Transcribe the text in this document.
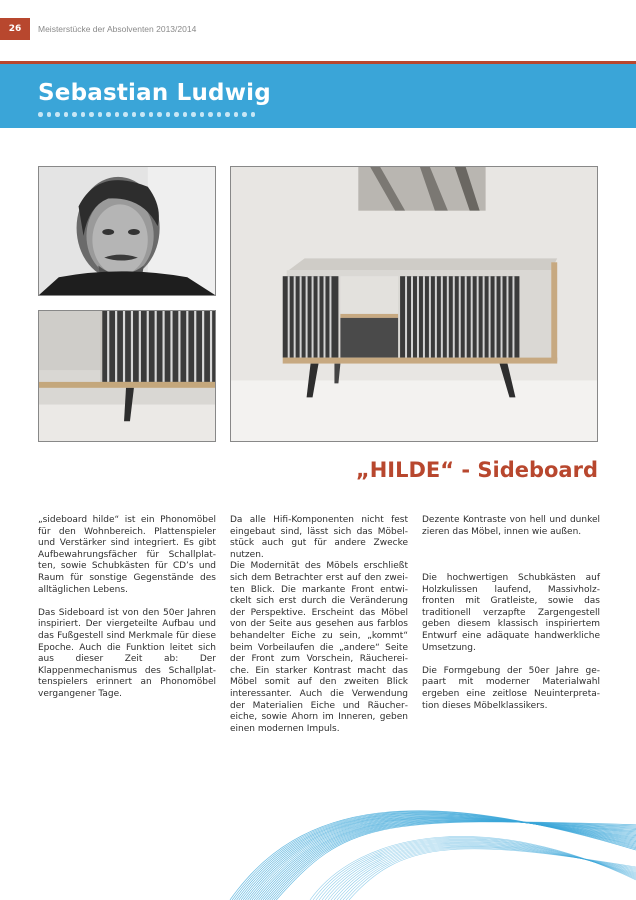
26	Meisterstücke der Absolventen 2013/2014
Sebastian Ludwig
„HILDE“ - Sideboard

„sideboard hilde“ ist ein Phonomöbel für den Wohnbereich. Plattenspieler und Verstärker sind integriert. Es gibt Aufbewahrungsfächer für Schallplatten, sowie Schubkästen für CD’s und Raum für sonstige Gegenstände des alltäglichen Lebens.

Das Sideboard ist von den 50er Jahren inspiriert. Der viergeteilte Aufbau und das Fußgestell sind Merkmale für diese Epoche. Auch die Funktion leitet sich aus dieser Zeit ab: Der Klappenmechanismus des Schallplattenspielers erinnert an Phonomöbel vergangener Tage.

Da alle Hifi-Komponenten nicht fest eingebaut sind, lässt sich das Möbelstück auch gut für andere Zwecke nutzen.

Die Modernität des Möbels erschließt sich dem Betrachter erst auf den zweiten Blick. Die markante Front entwickelt sich erst durch die Veränderung der Perspektive. Erscheint das Möbel von der Seite aus gesehen aus farblos behandelter Eiche zu sein, „kommt“ beim Vorbeilaufen die „andere“ Seite der Front zum Vorschein, Räuchereiche. Ein starker Kontrast macht das Möbel somit auf den zweiten Blick interessanter. Auch die Verwendung der Materialien Eiche und Räuchereiche, sowie Ahorn im Inneren, geben einen modernen Impuls.

Dezente Kontraste von hell und dunkel zieren das Möbel, innen wie außen.

Die hochwertigen Schubkästen auf Holzkulissen laufend, Massivholzfronten mit Gratleiste, sowie das traditionell verzapfte Zargengestell geben diesem klassisch inspiriertem Entwurf eine adäquate handwerkliche Umsetzung.

Die Formgebung der 50er Jahre gepaart mit moderner Materialwahl ergeben eine zeitlose Neuinterpretation dieses Möbelklassikers.
